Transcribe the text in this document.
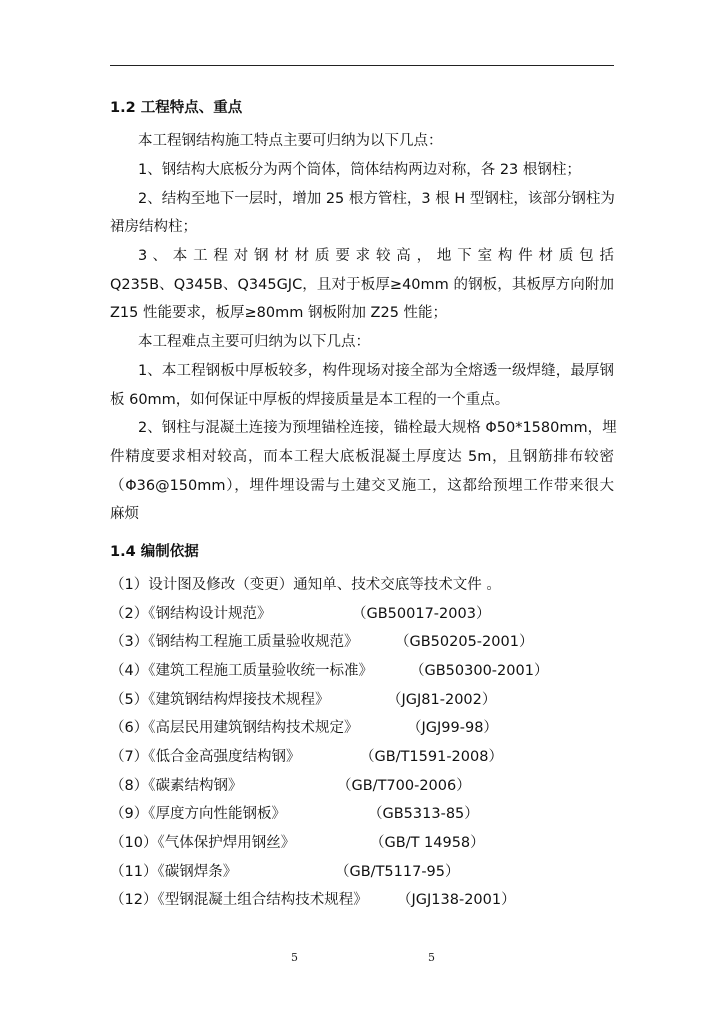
1.2 工程特点、重点
本工程钢结构施工特点主要可归纳为以下几点：
1、钢结构大底板分为两个筒体，筒体结构两边对称，各 23 根钢柱；
2、结构至地下一层时，增加 25 根方管柱，3 根 H 型钢柱，该部分钢柱为
裙房结构柱；
3 、 本 工 程 对 钢 材 材 质 要 求 较 高 ， 地 下 室 构 件 材 质 包 括
Q235B、Q345B、Q345GJC，且对于板厚≥40mm 的钢板，其板厚方向附加
Z15 性能要求，板厚≥80mm 钢板附加 Z25 性能；
本工程难点主要可归纳为以下几点：
1、本工程钢板中厚板较多，构件现场对接全部为全熔透一级焊缝，最厚钢
板 60mm，如何保证中厚板的焊接质量是本工程的一个重点。
2、钢柱与混凝土连接为预埋锚栓连接，锚栓最大规格 Φ50*1580mm，埋
件精度要求相对较高，而本工程大底板混凝土厚度达 5m，且钢筋排布较密
（Φ36@150mm），埋件埋设需与土建交叉施工，这都给预埋工作带来很大
麻烦
1.4 编制依据
（1）设计图及修改（变更）通知单、技术交底等技术文件 。
（2）《钢结构设计规范》	（GB50017-2003）
（3）《钢结构工程施工质量验收规范》	（GB50205-2001）
（4）《建筑工程施工质量验收统一标准》	（GB50300-2001）
（5）《建筑钢结构焊接技术规程》	（JGJ81-2002）
（6）《高层民用建筑钢结构技术规定》	（JGJ99-98）
（7）《低合金高强度结构钢》	（GB/T1591-2008）
（8）《碳素结构钢》	（GB/T700-2006）
（9）《厚度方向性能钢板》	（GB5313-85）
（10）《气体保护焊用钢丝》	（GB/T 14958）
（11）《碳钢焊条》	（GB/T5117-95）
（12）《型钢混凝土组合结构技术规程》 （JGJ138-2001）
5	5
